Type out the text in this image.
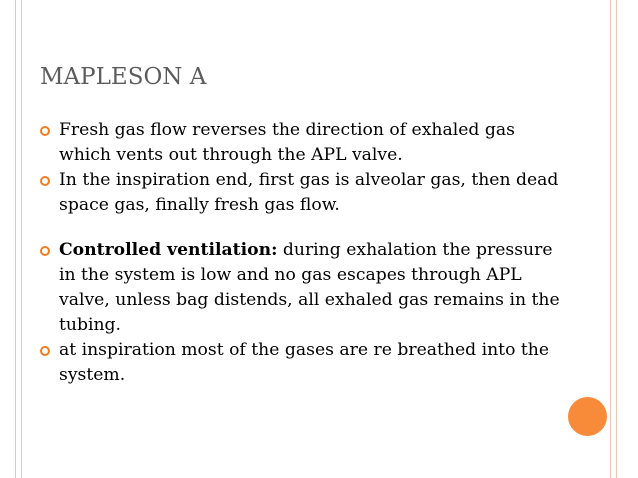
MAPLESON A
Fresh gas flow reverses the direction of exhaled gas which vents out through the APL valve.
In the inspiration end, first gas is alveolar gas, then dead space gas, finally fresh gas flow.
Controlled ventilation: during exhalation the pressure in the system is low and no gas escapes through APL valve, unless bag distends, all exhaled gas remains in the tubing.
at inspiration most of the gases are re breathed into the system.
